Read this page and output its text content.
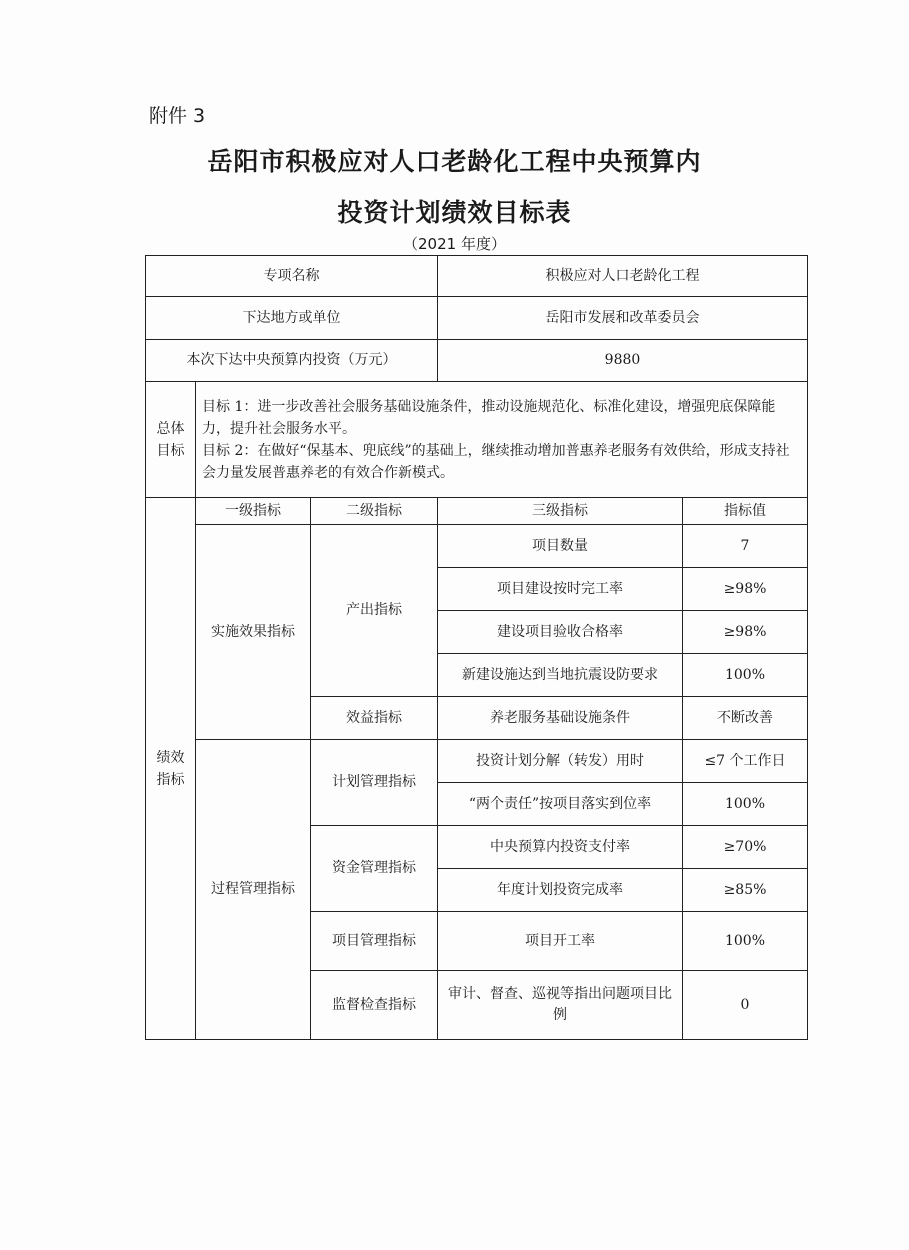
附件 3
岳阳市积极应对人口老龄化工程中央预算内
投资计划绩效目标表
（2021 年度）
专项名称			积极应对人口老龄化工程	
下达地方或单位			岳阳市发展和改革委员会	
本次下达中央预算内投资（万元）			9880	
总体目标	目标 1：进一步改善社会服务基础设施条件，推动设施规范化、标准化建设，增强兜底保障能力，提升社会服务水平。
目标 2：在做好“保基本、兜底线”的基础上，继续推动增加普惠养老服务有效供给，形成支持社会力量发展普惠养老的有效合作新模式。			

绩效指标	一级指标	二级指标	三级指标	指标值
	实施效果指标	产出指标	项目数量	7
			项目建设按时完工率	≥98%
			建设项目验收合格率	≥98%
			新建设施达到当地抗震设防要求	100%
		效益指标	养老服务基础设施条件	不断改善
	过程管理指标	计划管理指标	投资计划分解（转发）用时	≤7 个工作日
			“两个责任”按项目落实到位率	100%
		资金管理指标	中央预算内投资支付率	≥70%
			年度计划投资完成率	≥85%
		项目管理指标	项目开工率	100%
		监督检查指标	审计、督查、巡视等指出问题项目比例	0
